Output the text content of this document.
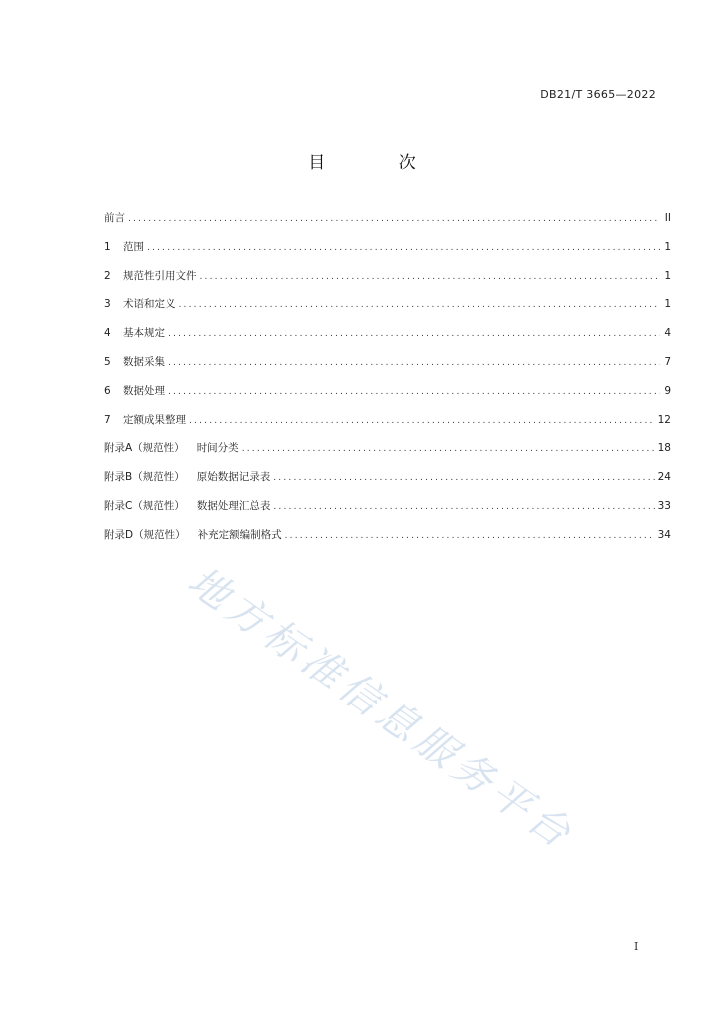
DB21/T 3665—2022
目 次
前言 .....	II
1	范围 .....	1
2	规范性引用文件 .....	1
3	术语和定义 .....	1
4	基本规定 .....	4
5	数据采集 .....	7
6	数据处理 .....	9
7	定额成果整理 .....	12
附录A（规范性） 时间分类 .....	18
附录B（规范性） 原始数据记录表 .....	24
附录C（规范性） 数据处理汇总表 .....	33
附录D（规范性） 补充定额编制格式 .....	34
地方标准信息服务平台
I
